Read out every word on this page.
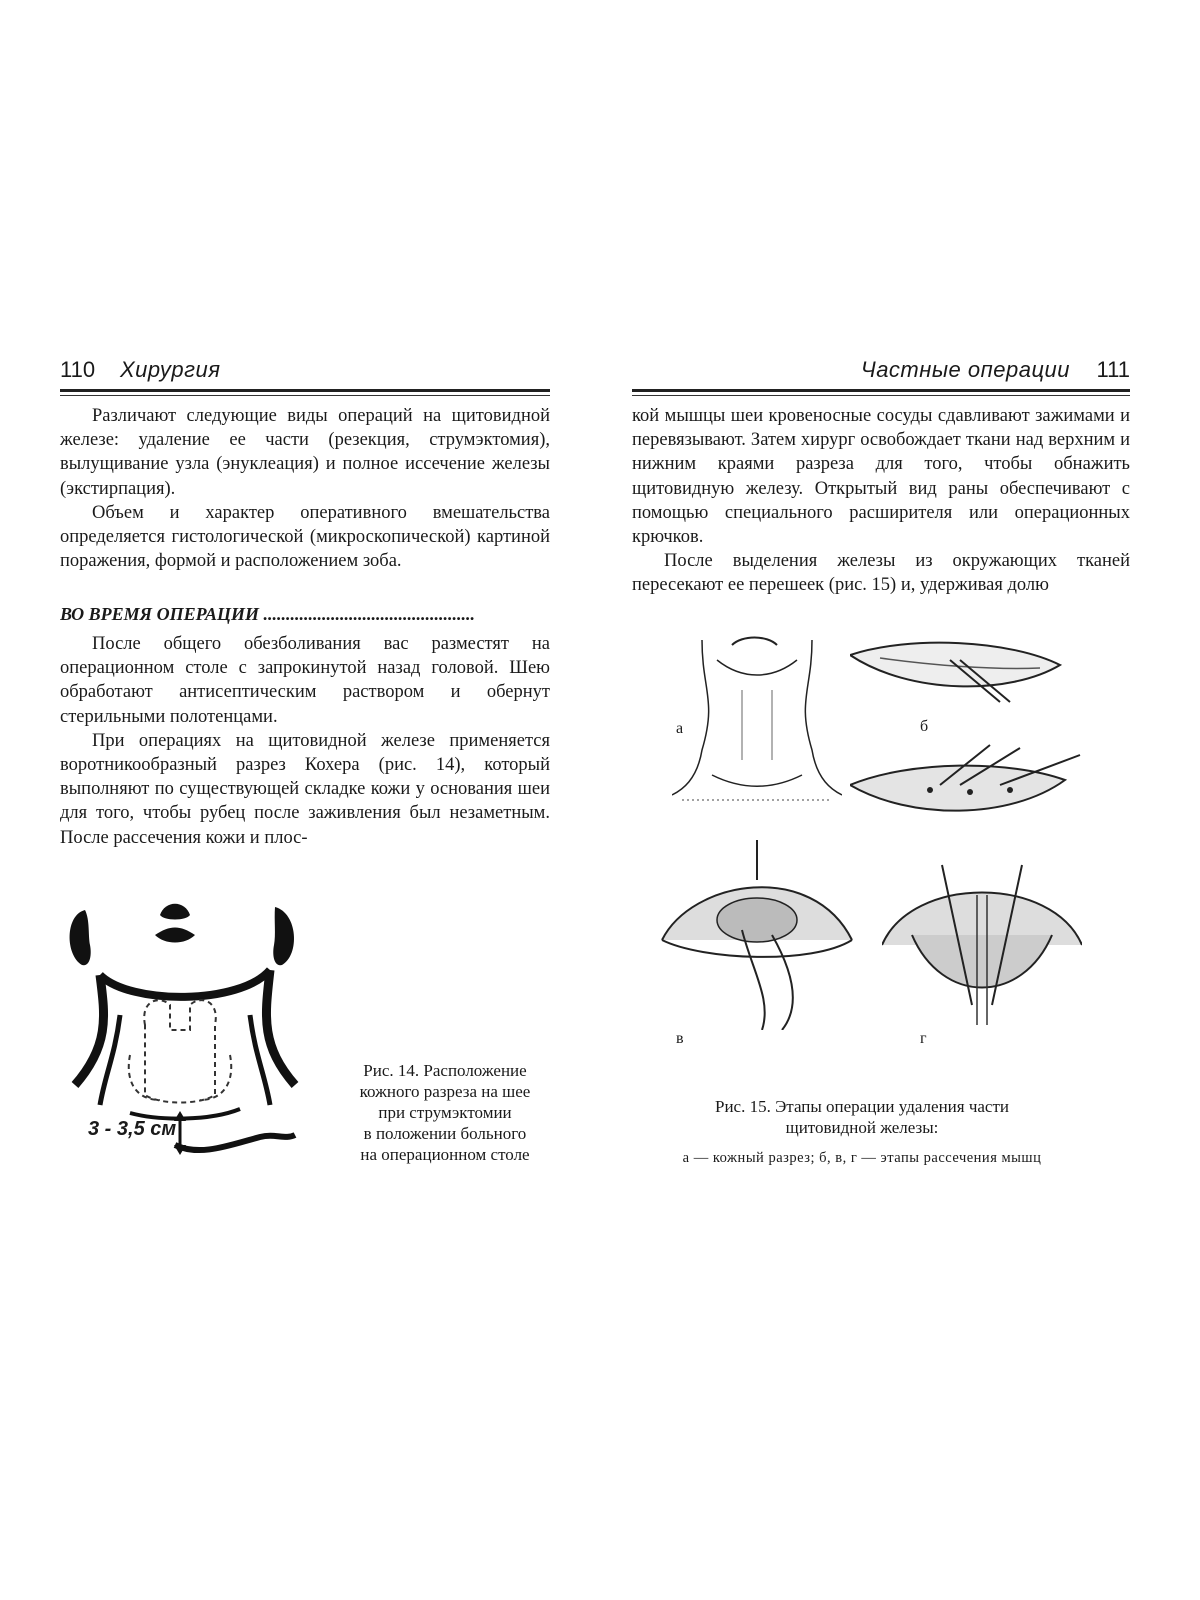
110 Хирургия

Различают следующие виды операций на щитовидной железе: удаление ее части (резекция, струмэктомия), вылущивание узла (энуклеация) и полное иссечение железы (экстирпация).

Объем и характер оперативного вмешательства определяется гистологической (микроскопической) картиной поражения, формой и расположением зоба.

ВО ВРЕМЯ ОПЕРАЦИИ ...............................................

После общего обезболивания вас разместят на операционном столе с запрокинутой назад головой. Шею обработают антисептическим раствором и обернут стерильными полотенцами.

При операциях на щитовидной железе применяется воротникообразный разрез Кохера (рис. 14), который выполняют по существующей складке кожи у основания шеи для того, чтобы рубец после заживления был незаметным. После рассечения кожи и плос-

3 - 3,5 см
Рис. 14. Расположение
кожного разреза на шее
при струмэктомии
в положении больного
на операционном столе
Частные операции 111

кой мышцы шеи кровеносные сосуды сдавливают зажимами и перевязывают. Затем хирург освобождает ткани над верхним и нижним краями разреза для того, чтобы обнажить щитовидную железу. Открытый вид раны обеспечивают с помощью специального расширителя или операционных крючков.

После выделения железы из окружающих тканей пересекают ее перешеек (рис. 15) и, удерживая долю

а	б
в	г
Рис. 15. Этапы операции удаления части
щитовидной железы:
а — кожный разрез; б, в, г — этапы рассечения мышц
